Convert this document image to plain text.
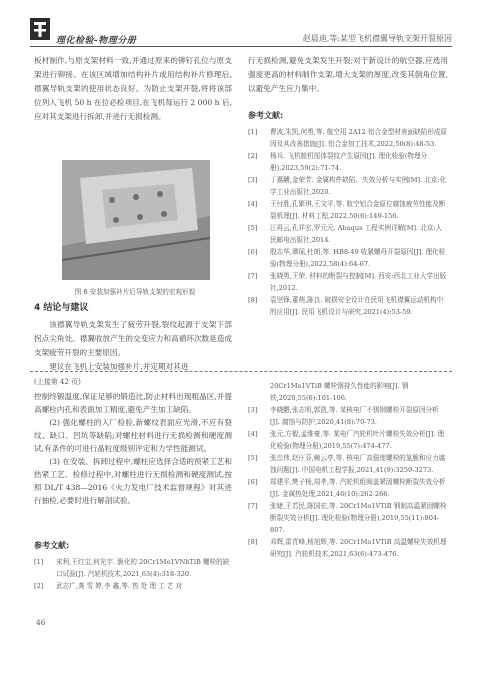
理化检验-物理分册	赵晨迪,等:某型飞机襟翼导轨支架开裂原因

板材制作,与原支架材料一致,并通过原来的铆钉孔位与原支架进行铆接。在该区域增加结构补片或用结构补片修理后,襟翼导轨支架的使用状态良好。为防止支架开裂,将将该部位列入飞机 50 h 在位必检项目,在飞机每运行 2 000 h 后,应对其支架进行拆卸,并进行无损检测。

图 6 安装加强补片后导轨支架的宏观形貌
4 结论与建议

该襟翼导轨支架发生了疲劳开裂,裂纹起源于支架下部拐点尖角处。襟翼收放产生的交变应力和高循环次数是造成支架疲劳开裂的主要原因。

建议在飞机上安装加强补片,并定期对其进

行无损检测,避免支架发生开裂;对于新设计的航空器,应选用强度更高的材料制作支架,增大支架的厚度,改变其倒角位置,以避免产生应力集中。

参考文献:
[1] 曹波,朱凯,何勇,等. 航空用 2A12 铝合金型材表面缺陷形成原因及其改善措施[J]. 铝合金加工技术,2022,50(8):48-53.
[2] 杨兵. 飞机舱机尾体裂纹产生原因[J]. 理化检验(物理分册),2023,59(2):71-74.
[3] 丁惠麟,金荣芳. 金属构件缺陷、失效分析与实例[M]. 北京:化学工业出版社,2020.
[4] 王付胜,孔繁琪,王文平,等. 航空铝合金原位腐蚀疲劳性能及断裂机理[J]. 材料工程,2022,50(6):149-156.
[5] 江再云,孔祥宏,罗元元. Abaqus 工程实例详解[M]. 北京:人民邮电出版社,2014.
[6] 殷志华,谭瑶,杜朗,等. HB8-49 收紧螺母开裂原因[J]. 理化检验(物理分册),2022,58(4):64-67.
[7] 张晓勇,王荣. 材料的断裂与控制[M]. 西安:西北工业大学出版社,2012.
[8] 袁坚锋,董萌,陈良. 破损安全设计在民用飞机襟翼运动机构中的应用[J]. 民用飞机设计与研究,2021(4):53-59.
(上接第 42 页)

控制终锻温度,保证足够的锻造比,防止材料出现粗晶区,并提高螺栓内孔和表面加工精度,避免产生加工缺陷。

(2) 强化螺柱的入厂检验,新螺纹表面应光滑,不应有裂纹、缺口、凹坑等缺陷;对螺柱材料进行无损检测和硬度测试,有条件的可进行晶粒度级别评定和力学性能测试。

(3) 在安装、拆卸过程中,螺柱应选择合适的预紧工艺和热紧工艺。检修过程中,对螺柱进行无损检测和硬度测试,按照 DL/T 438—2016《火力发电厂技术监督规程》对其进行抽检,必要时进行解剖试验。

参考文献:
[1] 宋利,王红宝,何光宇. 脆化的 20Cr1Mo1VNbTiB 螺栓的缺口试验[J]. 汽轮机技术,2021,63(4):318-320.
[2] 武志广,龚 雪 婷,李 鑫,等. 热 处 理 工 艺 对
20Cr1Mo1VTiB 螺栓钢持久性能的影响[J]. 钢铁,2020,55(6):101-106.
[3] 李晓鹏,张志明,郭凯,等. 某核电厂不锈钢螺栓开裂原因分析[J]. 腐蚀与防护,2020,41(8):70-73.
[4] 张元,方毅,孟维豪,等. 某电厂汽轮机叶片螺栓失效分析[J]. 理化检验(物理分册),2019,55(7):474-477.
[5] 张忠伟,赵庄芬,赖云亭,等. 核电厂高强度螺栓的氢脆和应力腐蚀问题[J]. 中国电机工程学报,2021,41(9):3259-3273.
[6] 郑建平,樊子杨,周孝,等. 汽轮机组阀盖紧固螺栓断裂失效分析[J]. 金属热处理,2021,46(10):262-266.
[7] 张婕,王若民,陈国宏,等. 20Cr1Mo1VTiB 钢制高温紧固螺栓断裂失效分析[J]. 理化检验(物理分册),2019,55(11):804-807.
[8] 邓辉,雷青峰,杨旭辉,等. 20Cr1Mo1VTiB 高温螺栓失效机理研究[J]. 汽轮机技术,2021,63(6):473-476.
46
